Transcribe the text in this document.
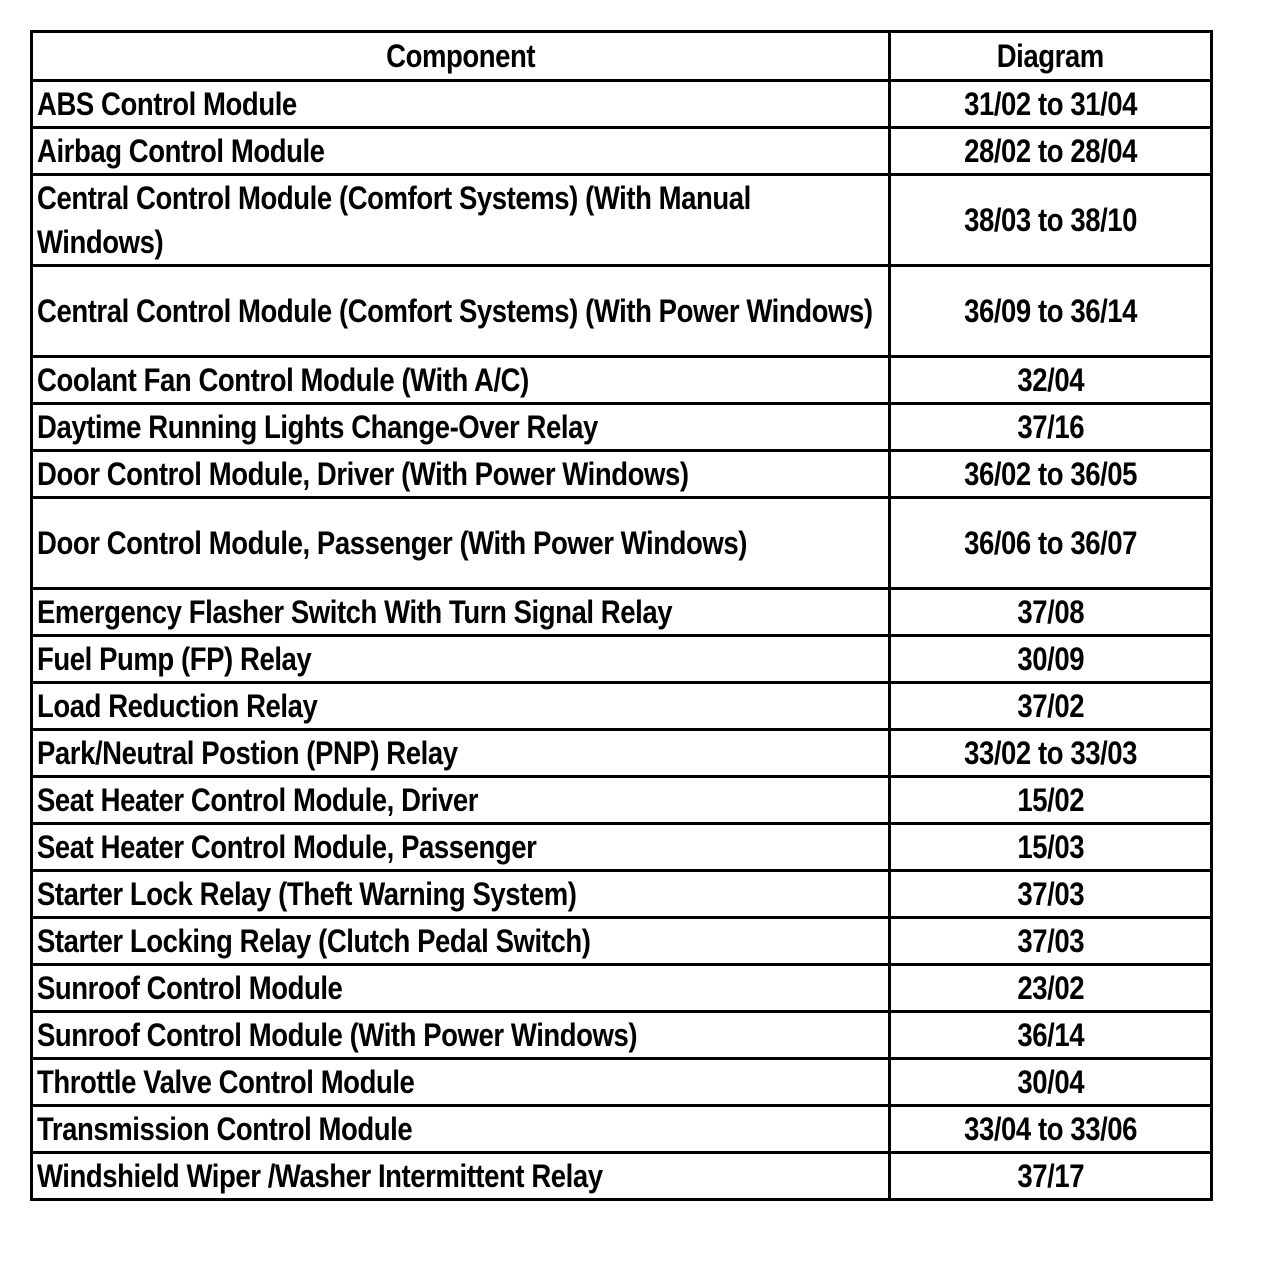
Component	Diagram
ABS Control Module	31/02 to 31/04
Airbag Control Module	28/02 to 28/04

Central Control Module (Comfort Systems) (With Manual Windows)	38/03 to 38/10

Central Control Module (Comfort Systems) (With Power Windows)	36/09 to 36/14
Coolant Fan Control Module (With A/C)	32/04
Daytime Running Lights Change-Over Relay	37/16
Door Control Module, Driver (With Power Windows)	36/02 to 36/05

Door Control Module, Passenger (With Power Windows)	36/06 to 36/07
Emergency Flasher Switch With Turn Signal Relay	37/08
Fuel Pump (FP) Relay	30/09
Load Reduction Relay	37/02
Park/Neutral Postion (PNP) Relay	33/02 to 33/03
Seat Heater Control Module, Driver	15/02
Seat Heater Control Module, Passenger	15/03
Starter Lock Relay (Theft Warning System)	37/03
Starter Locking Relay (Clutch Pedal Switch)	37/03
Sunroof Control Module	23/02
Sunroof Control Module (With Power Windows)	36/14
Throttle Valve Control Module	30/04
Transmission Control Module	33/04 to 33/06
Windshield Wiper /Washer Intermittent Relay	37/17
